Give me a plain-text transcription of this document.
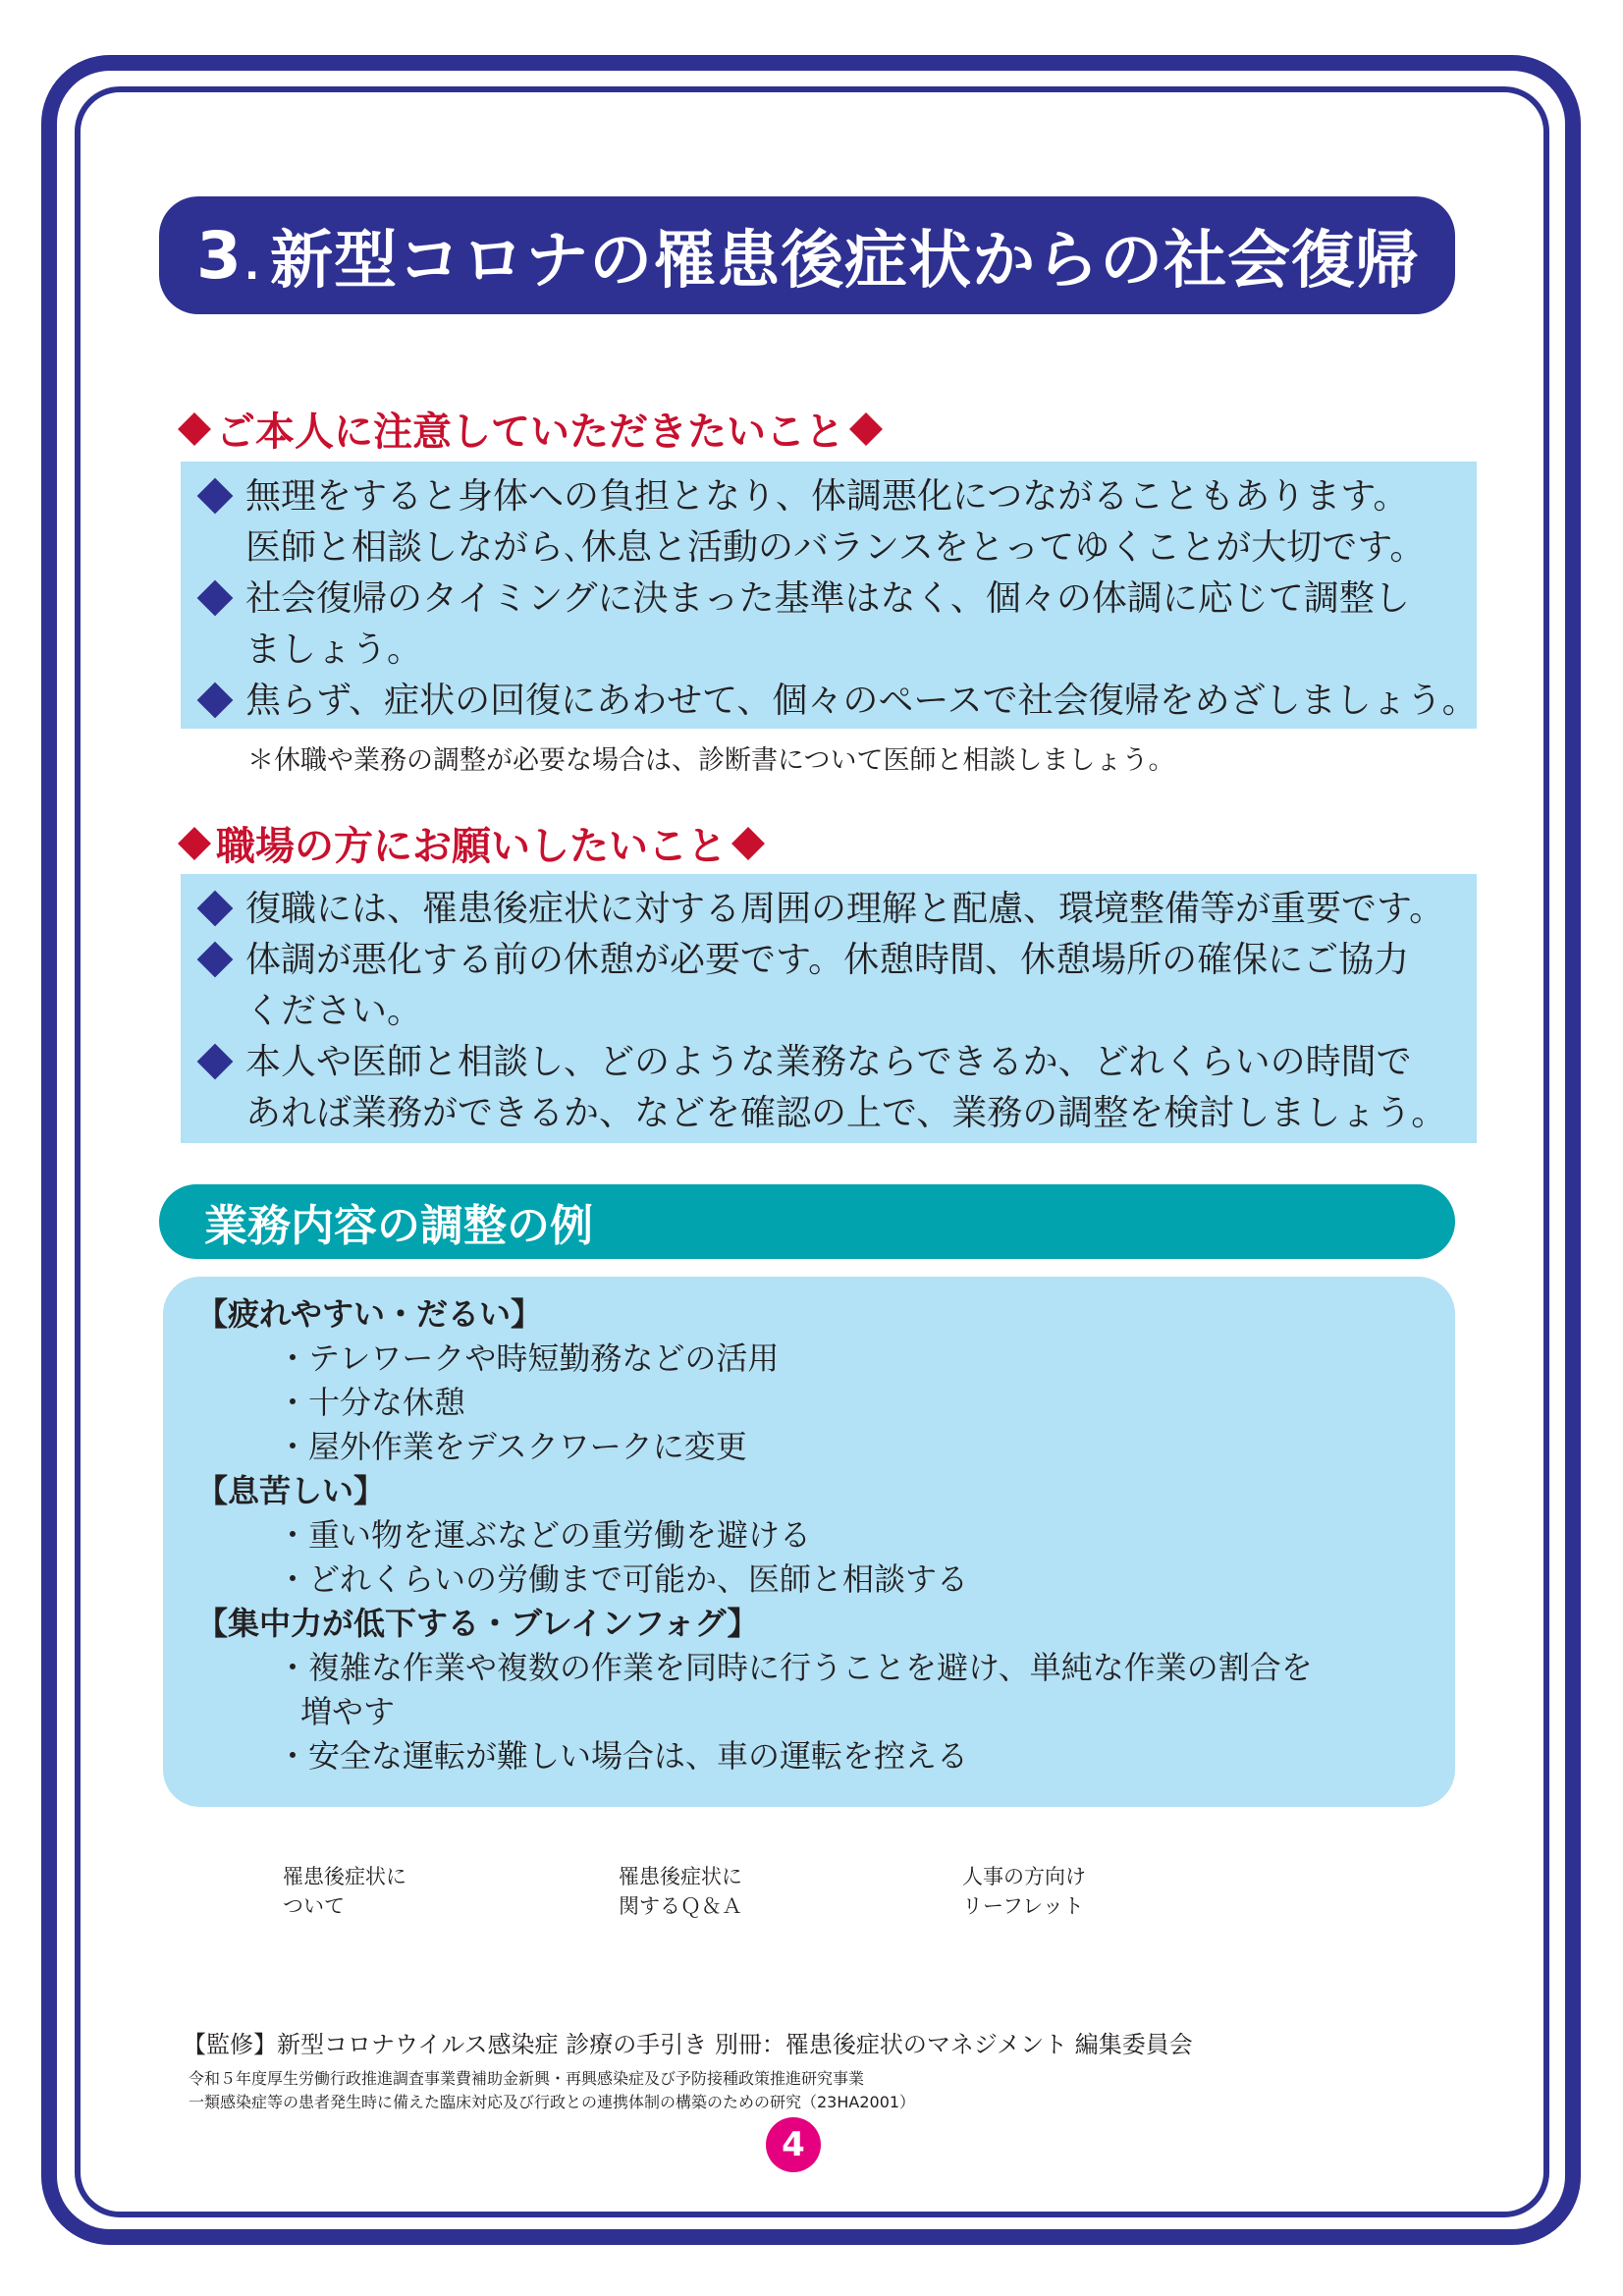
3 . 新型コロナの罹患後症状からの社会復帰
ご本人に注意していただきたいこと
無理をすると身体への負担となり、体調悪化につながることもあります。
医師と相談しながら､休息と活動のバランスをとってゆくことが大切です。
社会復帰のタイミングに決まった基準はなく、個々の体調に応じて調整し
ましょう。
焦らず、症状の回復にあわせて、個々のペースで社会復帰をめざしましょう。
＊休職や業務の調整が必要な場合は、診断書について医師と相談しましょう。
職場の方にお願いしたいこと
復職には、罹患後症状に対する周囲の理解と配慮、環境整備等が重要です。
体調が悪化する前の休憩が必要です。休憩時間、休憩場所の確保にご協力
ください。
本人や医師と相談し、どのような業務ならできるか、どれくらいの時間で
あれば業務ができるか、などを確認の上で、業務の調整を検討しましょう。
業務内容の調整の例
【疲れやすい・だるい】
・テレワークや時短勤務などの活用
・十分な休憩
・屋外作業をデスクワークに変更
【息苦しい】
・重い物を運ぶなどの重労働を避ける
・どれくらいの労働まで可能か、医師と相談する
【集中力が低下する・ブレインフォグ】
・複雑な作業や複数の作業を同時に行うことを避け、単純な作業の割合を
増やす
・安全な運転が難しい場合は、車の運転を控える
罹患後症状に
ついて
罹患後症状に
関するＱ＆Ａ
人事の方向け
リーフレット
【監修】新型コロナウイルス感染症 診療の手引き 別冊：罹患後症状のマネジメント 編集委員会
令和５年度厚生労働行政推進調査事業費補助金新興・再興感染症及び予防接種政策推進研究事業
一類感染症等の患者発生時に備えた臨床対応及び行政との連携体制の構築のための研究（23HA2001）
4
